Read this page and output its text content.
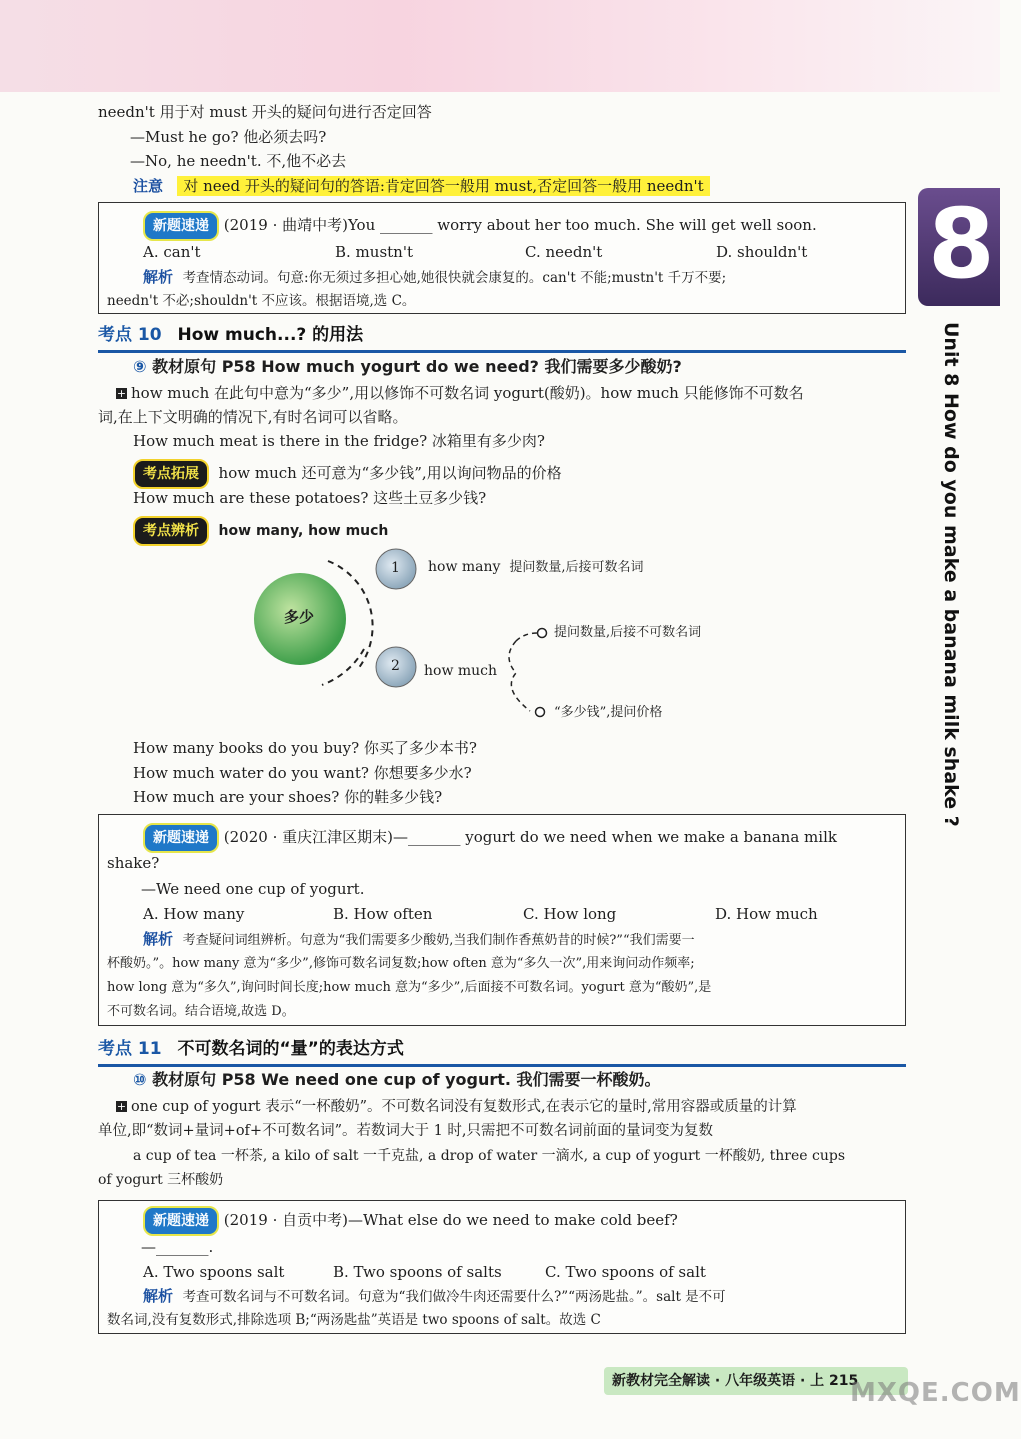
8
Unit 8 How do you make a banana milk shake ?
needn't 用于对 must 开头的疑问句进行否定回答
—Must he go? 他必须去吗?
—No, he needn't. 不,他不必去
注意 对 need 开头的疑问句的答语:肯定回答一般用 must,否定回答一般用 needn't
新题速递 (2019 · 曲靖中考)You _______ worry about her too much. She will get well soon.
A. can't	B. mustn't	C. needn't	D. shouldn't
解析 考查情态动词。句意:你无须过多担心她,她很快就会康复的。can't 不能;mustn't 千万不要;
needn't 不必;shouldn't 不应该。根据语境,选 C。
考点 10 How much...? 的用法
⑨ 教材原句 P58 How much yogurt do we need? 我们需要多少酸奶?
+ how much 在此句中意为“多少”,用以修饰不可数名词 yogurt(酸奶)。how much 只能修饰不可数名
词,在上下文明确的情况下,有时名词可以省略。
How much meat is there in the fridge? 冰箱里有多少肉?
考点拓展 how much 还可意为“多少钱”,用以询问物品的价格
How much are these potatoes? 这些土豆多少钱?
考点辨析 how many, how much
多少
1
2
how many 提问数量,后接可数名词
how much
提问数量,后接不可数名词
“多少钱”,提问价格
How many books do you buy? 你买了多少本书?
How much water do you want? 你想要多少水?
How much are your shoes? 你的鞋多少钱?
新题速递 (2020 · 重庆江津区期末)—_______ yogurt do we need when we make a banana milk
shake?
—We need one cup of yogurt.
A. How many	B. How often	C. How long	D. How much
解析 考查疑问词组辨析。句意为“我们需要多少酸奶,当我们制作香蕉奶昔的时候?”“我们需要一
杯酸奶。”。how many 意为“多少”,修饰可数名词复数;how often 意为“多久一次”,用来询问动作频率;
how long 意为“多久”,询问时间长度;how much 意为“多少”,后面接不可数名词。yogurt 意为“酸奶”,是
不可数名词。结合语境,故选 D。
考点 11 不可数名词的“量”的表达方式
⑩ 教材原句 P58 We need one cup of yogurt. 我们需要一杯酸奶。
+ one cup of yogurt 表示“一杯酸奶”。不可数名词没有复数形式,在表示它的量时,常用容器或质量的计算
单位,即“数词+量词+of+不可数名词”。若数词大于 1 时,只需把不可数名词前面的量词变为复数
a cup of tea 一杯茶, a kilo of salt 一千克盐, a drop of water 一滴水, a cup of yogurt 一杯酸奶, three cups
of yogurt 三杯酸奶
新题速递 (2019 · 自贡中考)—What else do we need to make cold beef?
—_______.
A. Two spoons salt	B. Two spoons of salts	C. Two spoons of salt
解析 考查可数名词与不可数名词。句意为“我们做冷牛肉还需要什么?”“两汤匙盐。”。salt 是不可
数名词,没有复数形式,排除选项 B;“两汤匙盐”英语是 two spoons of salt。故选 C
新教材完全解读 · 八年级英语 · 上 215
MXQE.COM
